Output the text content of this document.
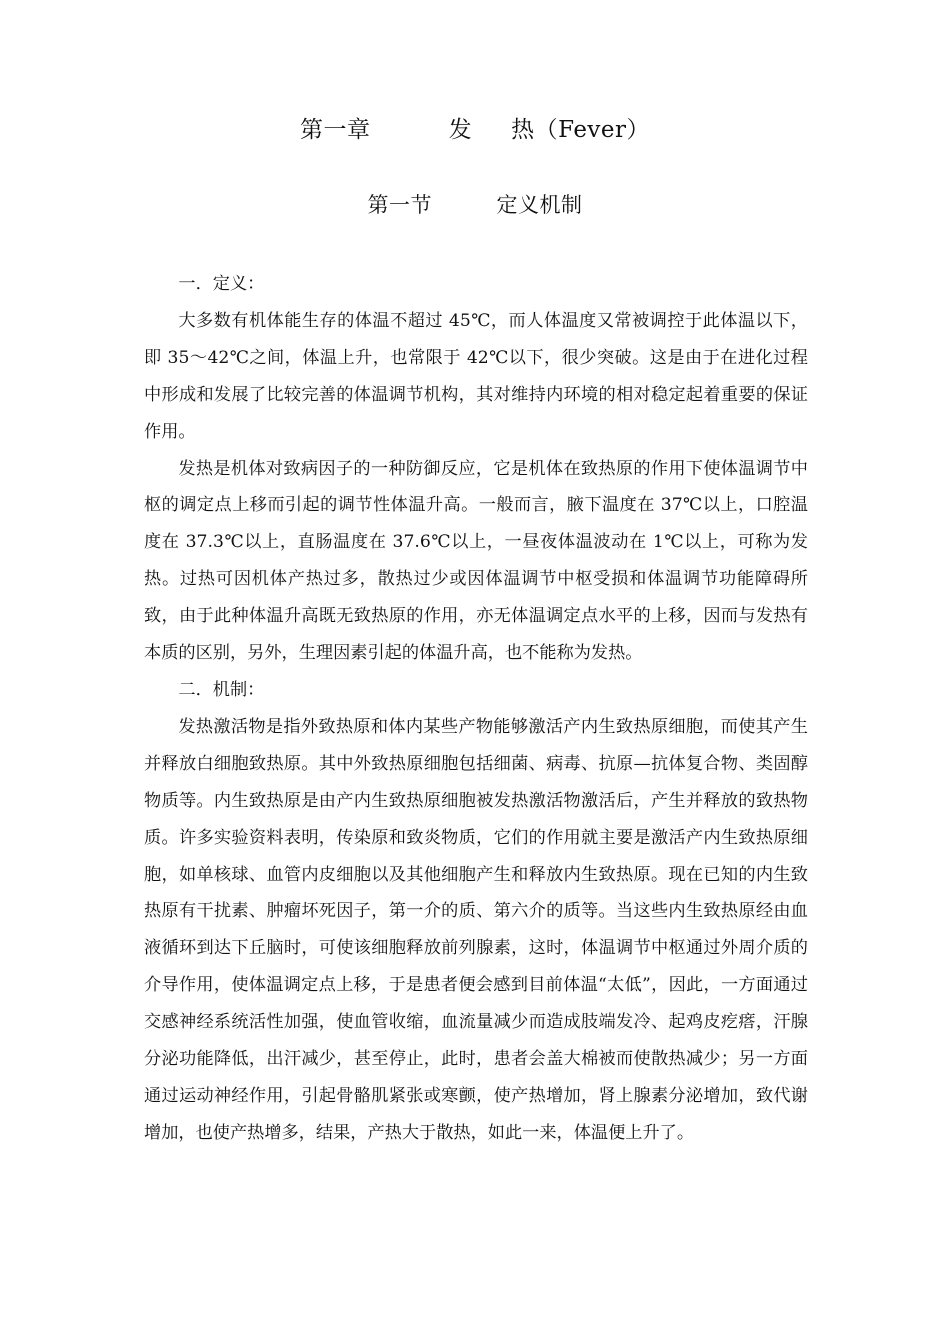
第一章	发 热（Fever）
第一节	定义机制

一．定义：

大多数有机体能生存的体温不超过 45℃，而人体温度又常被调控于此体温以下，即 35～42℃之间，体温上升，也常限于 42℃以下，很少突破。这是由于在进化过程中形成和发展了比较完善的体温调节机构，其对维持内环境的相对稳定起着重要的保证作用。

发热是机体对致病因子的一种防御反应，它是机体在致热原的作用下使体温调节中枢的调定点上移而引起的调节性体温升高。一般而言，腋下温度在 37℃以上，口腔温度在 37.3℃以上，直肠温度在 37.6℃以上，一昼夜体温波动在 1℃以上，可称为发热。过热可因机体产热过多，散热过少或因体温调节中枢受损和体温调节功能障碍所致，由于此种体温升高既无致热原的作用，亦无体温调定点水平的上移，因而与发热有本质的区别，另外，生理因素引起的体温升高，也不能称为发热。

二．机制：

发热激活物是指外致热原和体内某些产物能够激活产内生致热原细胞，而使其产生并释放白细胞致热原。其中外致热原细胞包括细菌、病毒、抗原—抗体复合物、类固醇物质等。内生致热原是由产内生致热原细胞被发热激活物激活后，产生并释放的致热物质。许多实验资料表明，传染原和致炎物质，它们的作用就主要是激活产内生致热原细胞，如单核球、血管内皮细胞以及其他细胞产生和释放内生致热原。现在已知的内生致热原有干扰素、肿瘤坏死因子，第一介的质、第六介的质等。当这些内生致热原经由血液循环到达下丘脑时，可使该细胞释放前列腺素，这时，体温调节中枢通过外周介质的介导作用，使体温调定点上移，于是患者便会感到目前体温“太低”，因此，一方面通过交感神经系统活性加强，使血管收缩，血流量减少而造成肢端发冷、起鸡皮疙瘩，汗腺分泌功能降低，出汗减少，甚至停止，此时，患者会盖大棉被而使散热减少；另一方面通过运动神经作用，引起骨骼肌紧张或寒颤，使产热增加，肾上腺素分泌增加，致代谢增加，也使产热增多，结果，产热大于散热，如此一来，体温便上升了。
